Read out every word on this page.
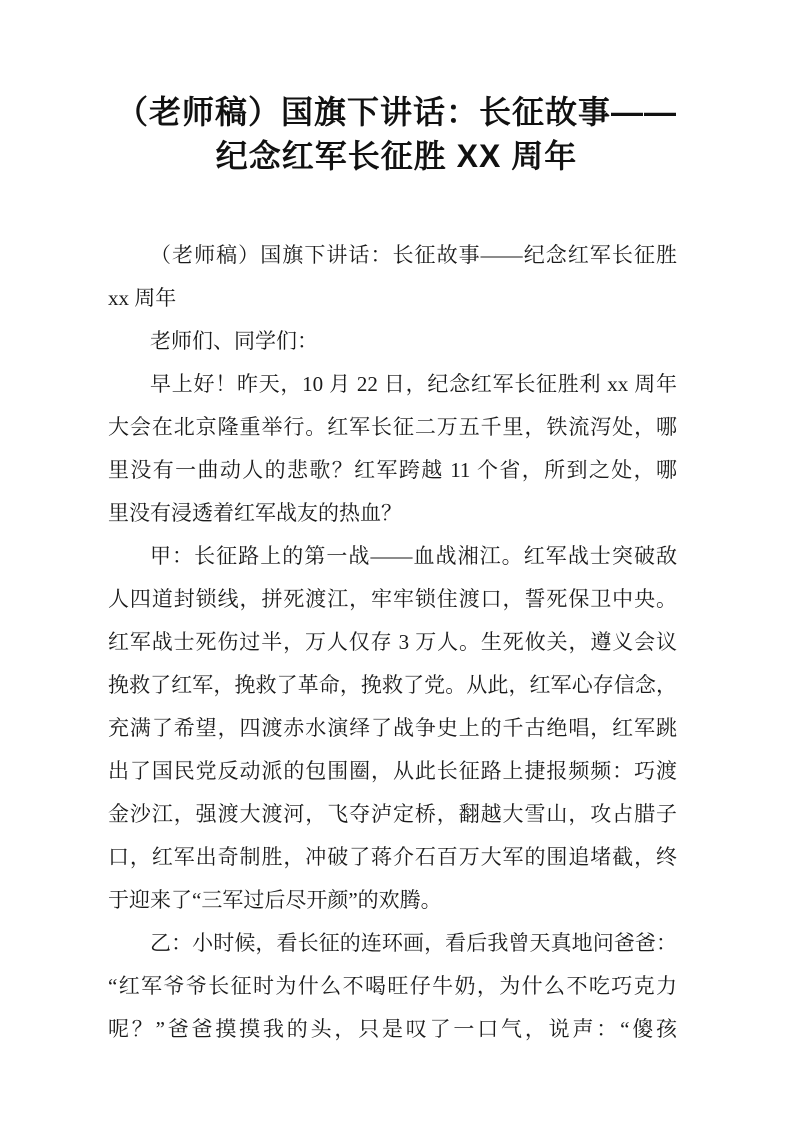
（老师稿）国旗下讲话：长征故事——
纪念红军长征胜 XX 周年
（老师稿）国旗下讲话：长征故事——纪念红军长征胜
xx 周年
老师们、同学们：
早上好！昨天，10 月 22 日，纪念红军长征胜利 xx 周年
大会在北京隆重举行。红军长征二万五千里，铁流泻处，哪
里没有一曲动人的悲歌？红军跨越 11 个省，所到之处，哪
里没有浸透着红军战友的热血？
甲：长征路上的第一战——血战湘江。红军战士突破敌
人四道封锁线，拼死渡江，牢牢锁住渡口，誓死保卫中央。
红军战士死伤过半，万人仅存 3 万人。生死攸关，遵义会议
挽救了红军，挽救了革命，挽救了党。从此，红军心存信念，
充满了希望，四渡赤水演绎了战争史上的千古绝唱，红军跳
出了国民党反动派的包围圈，从此长征路上捷报频频：巧渡
金沙江，强渡大渡河，飞夺泸定桥，翻越大雪山，攻占腊子
口，红军出奇制胜，冲破了蒋介石百万大军的围追堵截，终
于迎来了“三军过后尽开颜”的欢腾。
乙：小时候，看长征的连环画，看后我曾天真地问爸爸：
“红军爷爷长征时为什么不喝旺仔牛奶，为什么不吃巧克力
呢？”爸爸摸摸我的头，只是叹了一口气，说声：“傻孩
